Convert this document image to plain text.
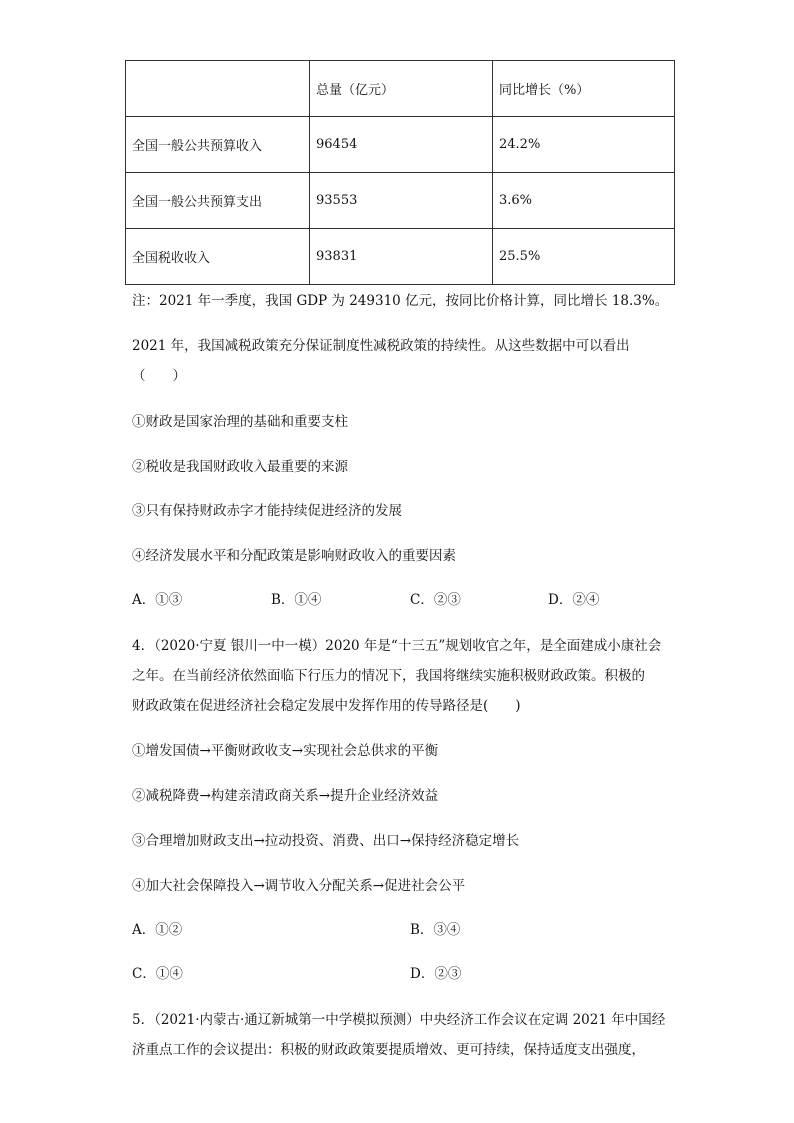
	总量（亿元）	同比增长（%）
全国一般公共预算收入	96454	24.2%
全国一般公共预算支出	93553	3.6%
全国税收收入	93831	25.5%
注：2021 年一季度，我国 GDP 为 249310 亿元，按同比价格计算，同比增长 18.3%。
2021 年，我国减税政策充分保证制度性减税政策的持续性。从这些数据中可以看出
（　　）
①财政是国家治理的基础和重要支柱
②税收是我国财政收入最重要的来源
③只有保持财政赤字才能持续促进经济的发展
④经济发展水平和分配政策是影响财政收入的重要因素
A．①③	B．①④	C．②③	D．②④
4．（2020·宁夏 银川一中一模）2020 年是“十三五”规划收官之年，是全面建成小康社会
之年。在当前经济依然面临下行压力的情况下，我国将继续实施积极财政政策。积极的
财政政策在促进经济社会稳定发展中发挥作用的传导路径是(　　)
①增发国债→平衡财政收支→实现社会总供求的平衡
②减税降费→构建亲清政商关系→提升企业经济效益
③合理增加财政支出→拉动投资、消费、出口→保持经济稳定增长
④加大社会保障投入→调节收入分配关系→促进社会公平
A．①②	B．③④
C．①④	D．②③
5．（2021·内蒙古·通辽新城第一中学模拟预测）中央经济工作会议在定调 2021 年中国经
济重点工作的会议提出：积极的财政政策要提质增效、更可持续，保持适度支出强度，
